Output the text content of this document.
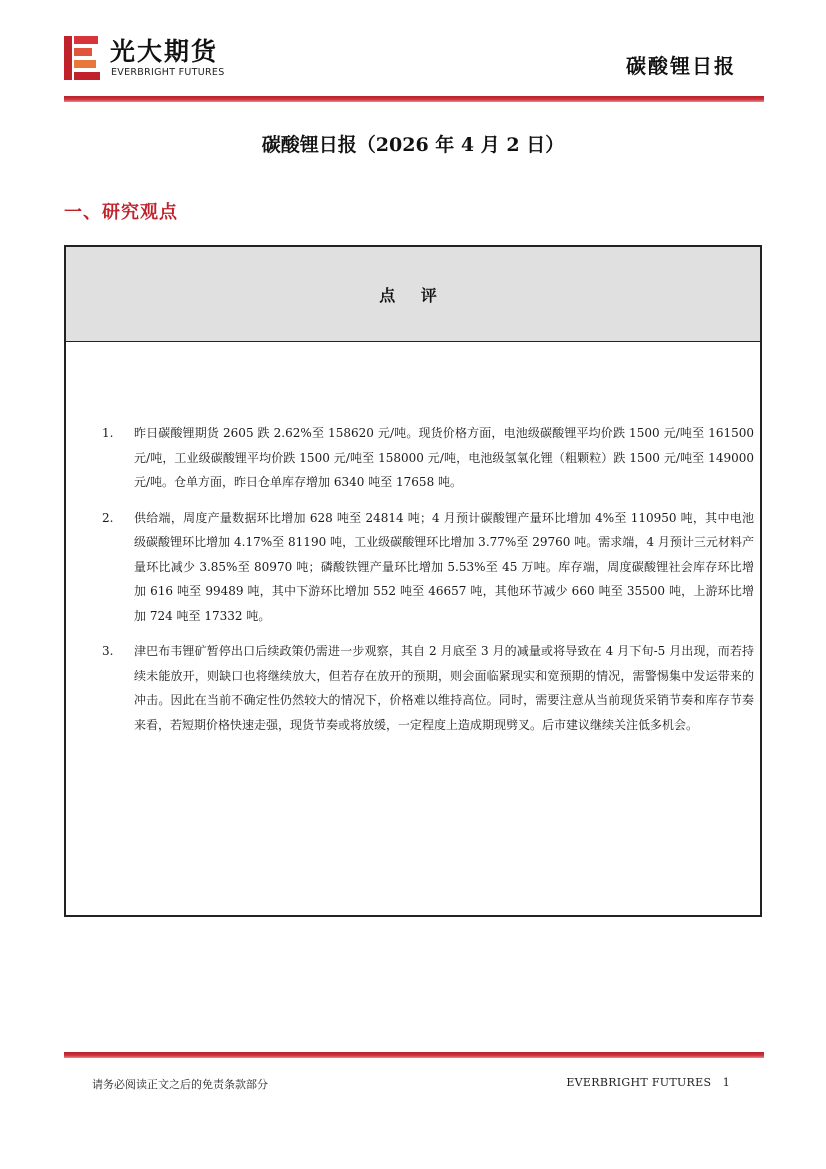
光大期货
EVERBRIGHT FUTURES	碳酸锂日报
碳酸锂日报（2026 年 4 月 2 日）
一、研究观点
点 评
1. 昨日碳酸锂期货 2605 跌 2.62%至 158620 元/吨。现货价格方面，电池级碳酸锂平均价跌 1500 元/吨至 161500 元/吨，工业级碳酸锂平均价跌 1500 元/吨至 158000 元/吨，电池级氢氧化锂（粗颗粒）跌 1500 元/吨至 149000 元/吨。仓单方面，昨日仓单库存增加 6340 吨至 17658 吨。
2. 供给端，周度产量数据环比增加 628 吨至 24814 吨；4 月预计碳酸锂产量环比增加 4%至 110950 吨，其中电池级碳酸锂环比增加 4.17%至 81190 吨，工业级碳酸锂环比增加 3.77%至 29760 吨。需求端，4 月预计三元材料产量环比减少 3.85%至 80970 吨；磷酸铁锂产量环比增加 5.53%至 45 万吨。库存端，周度碳酸锂社会库存环比增加 616 吨至 99489 吨，其中下游环比增加 552 吨至 46657 吨，其他环节减少 660 吨至 35500 吨，上游环比增加 724 吨至 17332 吨。
3. 津巴布韦锂矿暂停出口后续政策仍需进一步观察，其自 2 月底至 3 月的减量或将导致在 4 月下旬-5 月出现，而若持续未能放开，则缺口也将继续放大，但若存在放开的预期，则会面临紧现实和宽预期的情况，需警惕集中发运带来的冲击。因此在当前不确定性仍然较大的情况下，价格难以维持高位。同时，需要注意从当前现货采销节奏和库存节奏来看，若短期价格快速走强，现货节奏或将放缓，一定程度上造成期现劈叉。后市建议继续关注低多机会。
请务必阅读正文之后的免责条款部分	EVERBRIGHT FUTURES 1
